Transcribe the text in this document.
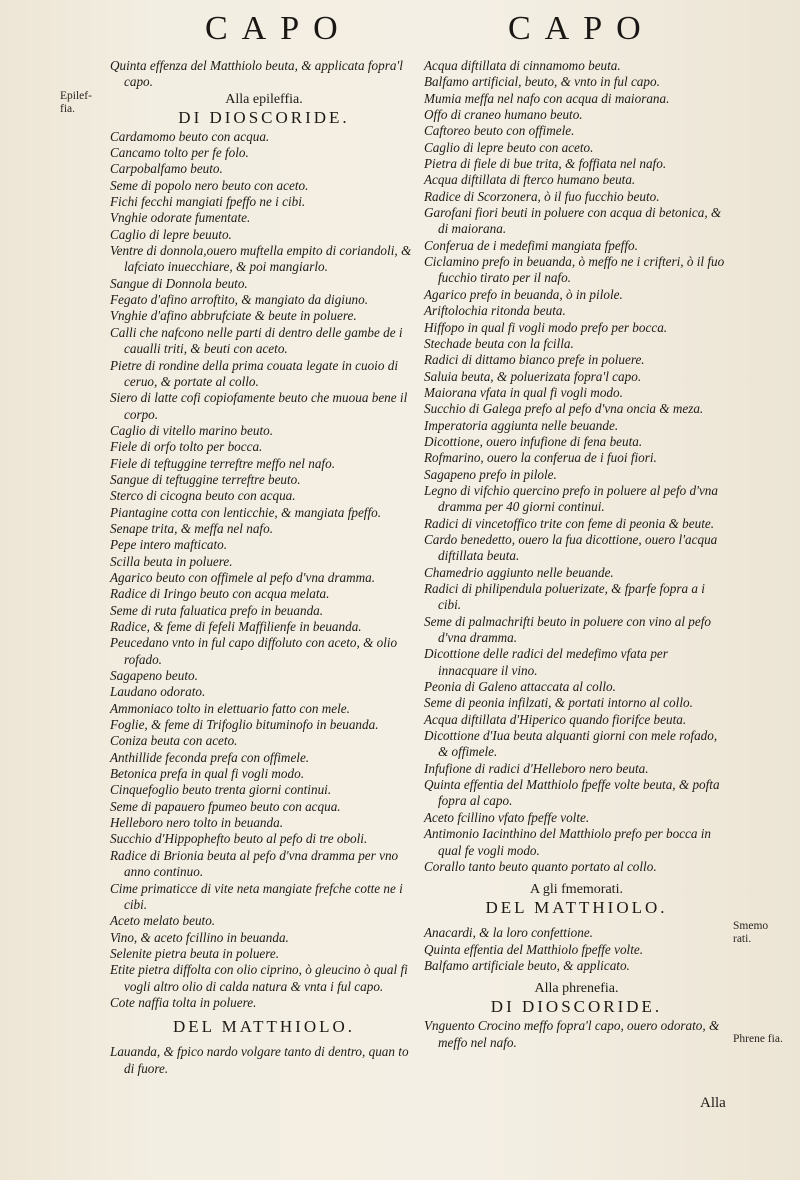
CAPO	CAPO
Epilef-fia.
Smemo rati.
Phrene fia.

Quinta effenza del Matthiolo beuta, & applicata fopra'l capo.

Alla epileffia.

DI DIOSCORIDE.

Cardamomo beuto con acqua.

Cancamo tolto per fe folo.

Carpobalfamo beuto.

Seme di popolo nero beuto con aceto.

Fichi fecchi mangiati fpeffo ne i cibi.

Vnghie odorate fumentate.

Caglio di lepre beuuto.

Ventre di donnola,ouero muftella empito di coriandoli, & lafciato inuecchiare, & poi mangiarlo.

Sangue di Donnola beuto.

Fegato d'afino arroftito, & mangiato da digiuno.

Vnghie d'afino abbrufciate & beute in poluere.

Calli che nafcono nelle parti di dentro delle gambe de i caualli triti, & beuti con aceto.

Pietre di rondine della prima couata legate in cuoio di ceruo, & portate al collo.

Siero di latte cofi copiofamente beuto che muoua bene il corpo.

Caglio di vitello marino beuto.

Fiele di orfo tolto per bocca.

Fiele di teftuggine terreftre meffo nel nafo.

Sangue di teftuggine terreftre beuto.

Sterco di cicogna beuto con acqua.

Piantagine cotta con lenticchie, & mangiata fpeffo.

Senape trita, & meffa nel nafo.

Pepe intero mafticato.

Scilla beuta in poluere.

Agarico beuto con offimele al pefo d'vna dramma.

Radice di Iringo beuto con acqua melata.

Seme di ruta faluatica prefo in beuanda.

Radice, & feme di fefeli Maffilienfe in beuanda.

Peucedano vnto in ful capo diffoluto con aceto, & olio rofado.

Sagapeno beuto.

Laudano odorato.

Ammoniaco tolto in elettuario fatto con mele.

Foglie, & feme di Trifoglio bituminofo in beuanda.

Coniza beuta con aceto.

Anthillide feconda prefa con offimele.

Betonica prefa in qual fi vogli modo.

Cinquefoglio beuto trenta giorni continui.

Seme di papauero fpumeo beuto con acqua.

Helleboro nero tolto in beuanda.

Succhio d'Hippophefto beuto al pefo di tre oboli.

Radice di Brionia beuta al pefo d'vna dramma per vno anno continuo.

Cime primaticce di vite neta mangiate frefche cotte ne i cibi.

Aceto melato beuto.

Vino, & aceto fcillino in beuanda.

Selenite pietra beuta in poluere.

Etite pietra diffolta con olio ciprino, ò gleucino ò qual fi vogli altro olio di calda natura & vnta i ful capo.

Cote naffia tolta in poluere.

DEL MATTHIOLO.

Lauanda, & fpico nardo volgare tanto di dentro, quan to di fuore.

Acqua diftillata di cinnamomo beuta.

Balfamo artificial, beuto, & vnto in ful capo.

Mumia meffa nel nafo con acqua di maiorana.

Offo di craneo humano beuto.

Caftoreo beuto con offimele.

Caglio di lepre beuto con aceto.

Pietra di fiele di bue trita, & foffiata nel nafo.

Acqua diftillata di fterco humano beuta.

Radice di Scorzonera, ò il fuo fucchio beuto.

Garofani fiori beuti in poluere con acqua di betonica, & di maiorana.

Conferua de i medefimi mangiata fpeffo.

Ciclamino prefo in beuanda, ò meffo ne i crifteri, ò il fuo fucchio tirato per il nafo.

Agarico prefo in beuanda, ò in pilole.

Ariftolochia ritonda beuta.

Hiffopo in qual fi vogli modo prefo per bocca.

Stechade beuta con la fcilla.

Radici di dittamo bianco prefe in poluere.

Saluia beuta, & poluerizata fopra'l capo.

Maiorana vfata in qual fi vogli modo.

Succhio di Galega prefo al pefo d'vna oncia & meza.

Imperatoria aggiunta nelle beuande.

Dicottione, ouero infufione di fena beuta.

Rofmarino, ouero la conferua de i fuoi fiori.

Sagapeno prefo in pilole.

Legno di vifchio quercino prefo in poluere al pefo d'vna dramma per 40 giorni continui.

Radici di vincetoffico trite con feme di peonia & beute.

Cardo benedetto, ouero la fua dicottione, ouero l'acqua diftillata beuta.

Chamedrio aggiunto nelle beuande.

Radici di philipendula poluerizate, & fparfe fopra a i cibi.

Seme di palmachrifti beuto in poluere con vino al pefo d'vna dramma.

Dicottione delle radici del medefimo vfata per innacquare il vino.

Peonia di Galeno attaccata al collo.

Seme di peonia infilzati, & portati intorno al collo.

Acqua diftillata d'Hiperico quando fiorifce beuta.

Dicottione d'Iua beuta alquanti giorni con mele rofado, & offimele.

Infufione di radici d'Helleboro nero beuta.

Quinta effentia del Matthiolo fpeffe volte beuta, & pofta fopra al capo.

Aceto fcillino vfato fpeffe volte.

Antimonio Iacinthino del Matthiolo prefo per bocca in qual fe vogli modo.

Corallo tanto beuto quanto portato al collo.

A gli fmemorati.

DEL MATTHIOLO.

Anacardi, & la loro confettione.

Quinta effentia del Matthiolo fpeffe volte.

Balfamo artificiale beuto, & applicato.

Alla phrenefia.

DI DIOSCORIDE.

Vnguento Crocino meffo fopra'l capo, ouero odorato, & meffo nel nafo.

Alla
